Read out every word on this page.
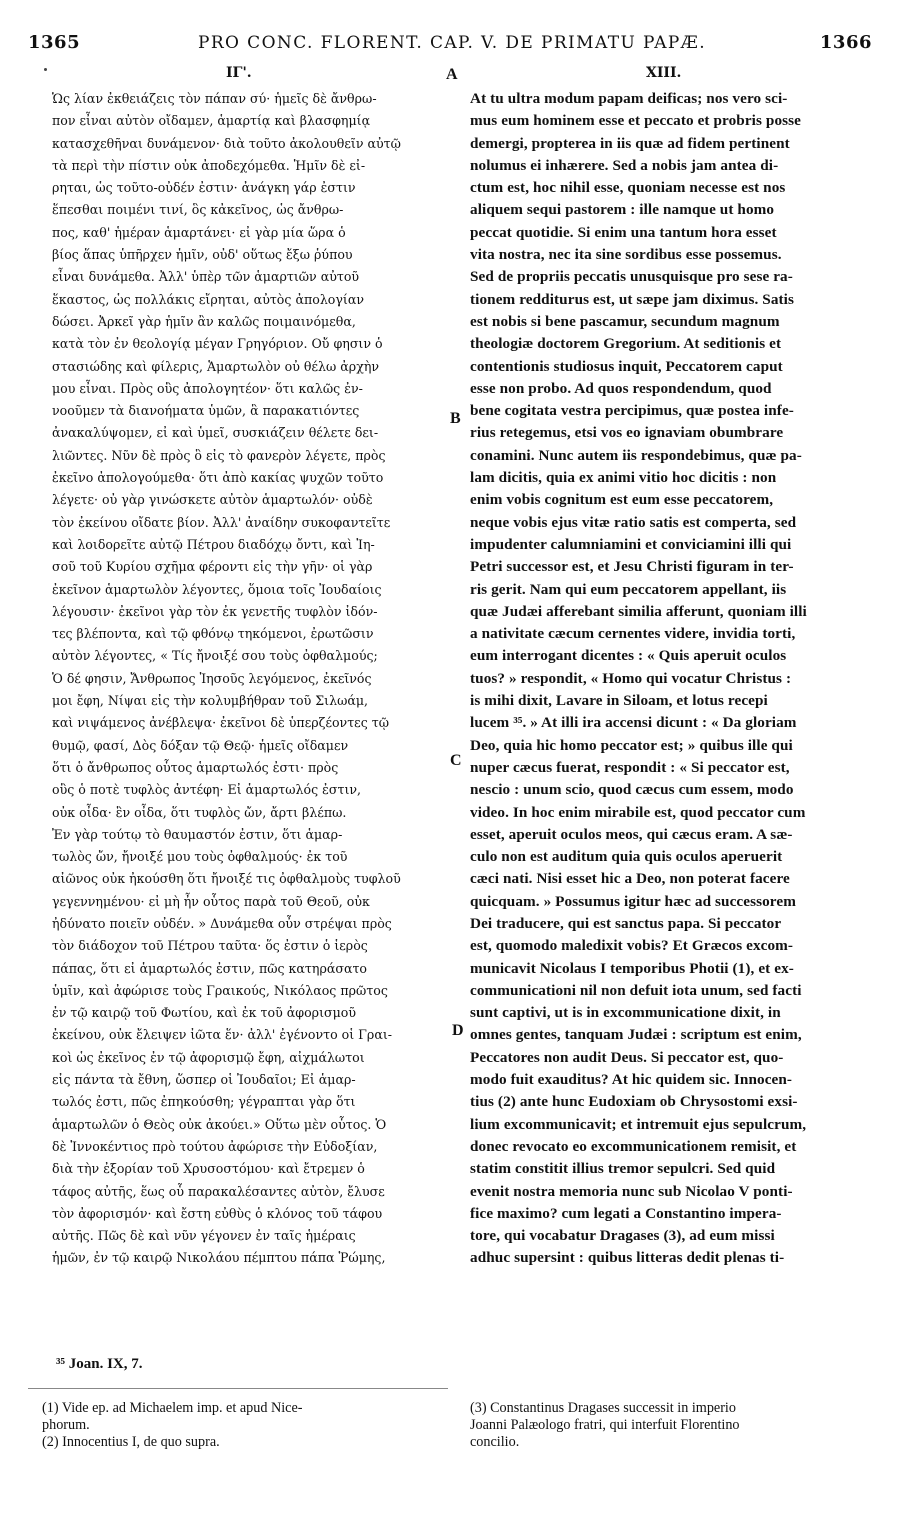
1365	PRO CONC. FLORENT. CAP. V. DE PRIMATU PAPÆ.	1366
ΙΓ'.	A	XIII.
Ὡς λίαν ἐκθειάζεις τὸν πάπαν σύ· ἡμεῖς δὲ ἄνθρω-
πον εἶναι αὐτὸν οἴδαμεν, ἁμαρτίᾳ καὶ βλασφημίᾳ
κατασχεθῆναι δυνάμενον· διὰ τοῦτο ἀκολουθεῖν αὐτῷ
τὰ περὶ τὴν πίστιν οὐκ ἀποδεχόμεθα. Ἡμῖν δὲ εἰ-
ρηται, ὡς τοῦτο-οὐδέν ἐστιν· ἀνάγκη γάρ ἐστιν
ἕπεσθαι ποιμένι τινί, ὃς κἀκεῖνος, ὡς ἄνθρω-
πος, καθ' ἡμέραν ἁμαρτάνει· εἰ γὰρ μία ὥρα ὁ
βίος ἅπας ὑπῆρχεν ἡμῖν, οὐδ' οὕτως ἔξω ῥύπου
εἶναι δυνάμεθα. Ἀλλ' ὑπὲρ τῶν ἁμαρτιῶν αὐτοῦ
ἕκαστος, ὡς πολλάκις εἴρηται, αὐτὸς ἀπολογίαν
δώσει. Ἀρκεῖ γὰρ ἡμῖν ἂν καλῶς ποιμαινόμεθα,
κατὰ τὸν ἐν θεολογίᾳ μέγαν Γρηγόριον. Οὔ φησιν ὁ
στασιώδης καὶ φίλερις, Ἁμαρτωλὸν οὐ θέλω ἀρχὴν
μου εἶναι. Πρὸς οὓς ἀπολογητέον· ὅτι καλῶς ἐν-
νοοῦμεν τὰ διανοήματα ὑμῶν, ἃ παρακατιόντες
ἀνακαλύψομεν, εἰ καὶ ὑμεῖ, συσκιάζειν θέλετε δει-
λιῶντες. Νῦν δὲ πρὸς ὃ εἰς τὸ φανερὸν λέγετε, πρὸς
ἐκεῖνο ἀπολογούμεθα· ὅτι ἀπὸ κακίας ψυχῶν τοῦτο
λέγετε· οὐ γὰρ γινώσκετε αὐτὸν ἁμαρτωλόν· οὐδὲ
τὸν ἐκείνου οἴδατε βίον. Ἀλλ' ἀναίδην συκοφαντεῖτε
καὶ λοιδορεῖτε αὐτῷ Πέτρου διαδόχῳ ὄντι, καὶ Ἰη-
σοῦ τοῦ Κυρίου σχῆμα φέροντι εἰς τὴν γῆν· οἱ γὰρ
ἐκεῖνον ἁμαρτωλὸν λέγοντες, ὅμοια τοῖς Ἰουδαίοις
λέγουσιν· ἐκεῖνοι γὰρ τὸν ἐκ γενετῆς τυφλὸν ἰδόν-
τες βλέποντα, καὶ τῷ φθόνῳ τηκόμενοι, ἐρωτῶσιν
αὐτὸν λέγοντες, « Τίς ἤνοιξέ σου τοὺς ὀφθαλμούς;
Ὁ δέ φησιν, Ἄνθρωπος Ἰησοῦς λεγόμενος, ἐκεῖνός
μοι ἔφη, Νίψαι εἰς τὴν κολυμβήθραν τοῦ Σιλωάμ,
καὶ νιψάμενος ἀνέβλεψα· ἐκεῖνοι δὲ ὑπερζέοντες τῷ
θυμῷ, φασί, Δὸς δόξαν τῷ Θεῷ· ἡμεῖς οἴδαμεν
ὅτι ὁ ἄνθρωπος οὗτος ἁμαρτωλός ἐστι· πρὸς
οὓς ὁ ποτὲ τυφλὸς ἀντέφη· Εἰ ἁμαρτωλός ἐστιν,
οὐκ οἶδα· ἓν οἶδα, ὅτι τυφλὸς ὤν, ἄρτι βλέπω.
Ἐν γὰρ τούτῳ τὸ θαυμαστόν ἐστιν, ὅτι ἁμαρ-
τωλὸς ὤν, ἤνοιξέ μου τοὺς ὀφθαλμούς· ἐκ τοῦ
αἰῶνος οὐκ ἠκούσθη ὅτι ἤνοιξέ τις ὀφθαλμοὺς τυφλοῦ
γεγεννημένου· εἰ μὴ ἦν οὗτος παρὰ τοῦ Θεοῦ, οὐκ
ἠδύνατο ποιεῖν οὐδέν. » Δυνάμεθα οὖν στρέψαι πρὸς
τὸν διάδοχον τοῦ Πέτρου ταῦτα· ὅς ἐστιν ὁ ἱερὸς
πάπας, ὅτι εἰ ἁμαρτωλός ἐστιν, πῶς κατηράσατο
ὑμῖν, καὶ ἀφώρισε τοὺς Γραικούς, Νικόλαος πρῶτος
ἐν τῷ καιρῷ τοῦ Φωτίου, καὶ ἐκ τοῦ ἀφορισμοῦ
ἐκείνου, οὐκ ἔλειψεν ἰῶτα ἕν· ἀλλ' ἐγένοντο οἱ Γραι-
κοὶ ὡς ἐκεῖνος ἐν τῷ ἀφορισμῷ ἔφη, αἰχμάλωτοι
εἰς πάντα τὰ ἔθνη, ὥσπερ οἱ Ἰουδαῖοι; Εἰ ἁμαρ-
τωλός ἐστι, πῶς ἐπηκούσθη; γέγραπται γὰρ ὅτι
ἁμαρτωλῶν ὁ Θεὸς οὐκ ἀκούει.» Οὕτω μὲν οὗτος. Ὁ
δὲ Ἰννοκέντιος πρὸ τούτου ἀφώρισε τὴν Εὐδοξίαν,
διὰ τὴν ἐξορίαν τοῦ Χρυσοστόμου· καὶ ἔτρεμεν ὁ
τάφος αὐτῆς, ἕως οὗ παρακαλέσαντες αὐτὸν, ἔλυσε
τὸν ἀφορισμόν· καὶ ἔστη εὐθὺς ὁ κλόνος τοῦ τάφου
αὐτῆς. Πῶς δὲ καὶ νῦν γέγονεν ἐν ταῖς ἡμέραις
ἡμῶν, ἐν τῷ καιρῷ Νικολάου πέμπτου πάπα Ῥώμης,
At tu ultra modum papam deificas; nos vero sci-
mus eum hominem esse et peccato et probris posse
demergi, propterea in iis quæ ad fidem pertinent
nolumus ei inhærere. Sed a nobis jam antea di-
ctum est, hoc nihil esse, quoniam necesse est nos
aliquem sequi pastorem : ille namque ut homo
peccat quotidie. Si enim una tantum hora esset
vita nostra, nec ita sine sordibus esse possemus.
Sed de propriis peccatis unusquisque pro sese ra-
tionem redditurus est, ut sæpe jam diximus. Satis
est nobis si bene pascamur, secundum magnum
theologiæ doctorem Gregorium. At seditionis et
contentionis studiosus inquit, Peccatorem caput
esse non probo. Ad quos respondendum, quod
bene cogitata vestra percipimus, quæ postea infe-
rius retegemus, etsi vos eo ignaviam obumbrare
conamini. Nunc autem iis respondebimus, quæ pa-
lam dicitis, quia ex animi vitio hoc dicitis : non
enim vobis cognitum est eum esse peccatorem,
neque vobis ejus vitæ ratio satis est comperta, sed
impudenter calumniamini et conviciamini illi qui
Petri successor est, et Jesu Christi figuram in ter-
ris gerit. Nam qui eum peccatorem appellant, iis
quæ Judæi afferebant similia afferunt, quoniam illi
a nativitate cæcum cernentes videre, invidia torti,
eum interrogant dicentes : « Quis aperuit oculos
tuos? » respondit, « Homo qui vocatur Christus :
is mihi dixit, Lavare in Siloam, et lotus recepi
lucem ³⁵. » At illi ira accensi dicunt : « Da gloriam
Deo, quia hic homo peccator est; » quibus ille qui
nuper cæcus fuerat, respondit : « Si peccator est,
nescio : unum scio, quod cæcus cum essem, modo
video. In hoc enim mirabile est, quod peccator cum
esset, aperuit oculos meos, qui cæcus eram. A sæ-
culo non est auditum quia quis oculos aperuerit
cæci nati. Nisi esset hic a Deo, non poterat facere
quicquam. » Possumus igitur hæc ad successorem
Dei traducere, qui est sanctus papa. Si peccator
est, quomodo maledixit vobis? Et Græcos excom-
municavit Nicolaus I temporibus Photii (1), et ex-
communicationi nil non defuit iota unum, sed facti
sunt captivi, ut is in excommunicatione dixit, in
omnes gentes, tanquam Judæi : scriptum est enim,
Peccatores non audit Deus. Si peccator est, quo-
modo fuit exauditus? At hic quidem sic. Innocen-
tius (2) ante hunc Eudoxiam ob Chrysostomi exsi-
lium excommunicavit; et intremuit ejus sepulcrum,
donec revocato eo excommunicationem remisit, et
statim constitit illius tremor sepulcri. Sed quid
evenit nostra memoria nunc sub Nicolao V ponti-
fice maximo? cum legati a Constantino impera-
tore, qui vocabatur Dragases (3), ad eum missi
adhuc supersint : quibus litteras dedit plenas ti-
B
C
D
³⁵ Joan. IX, 7.
(1) Vide ep. ad Michaelem imp. et apud Nice-
phorum.
(2) Innocentius I, de quo supra.
(3) Constantinus Dragases successit in imperio
Joanni Palæologo fratri, qui interfuit Florentino
concilio.
